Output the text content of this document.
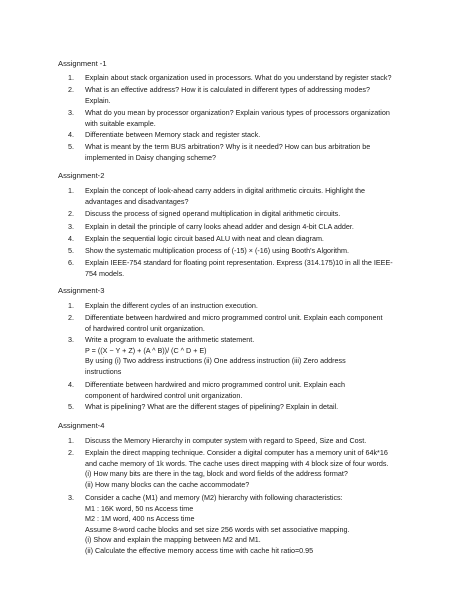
Assignment -1
1.	Explain about stack organization used in processors. What do you understand by register stack?
2.	What is an effective address? How it is calculated in different types of addressing modes?
Explain.
3.	What do you mean by processor organization? Explain various types of processors organization
with suitable example.
4.	Differentiate between Memory stack and register stack.
5.	What is meant by the term BUS arbitration? Why is it needed? How can bus arbitration be
implemented in Daisy changing scheme?
Assignment-2
1.	Explain the concept of look-ahead carry adders in digital arithmetic circuits. Highlight the
advantages and disadvantages?
2.	Discuss the process of signed operand multiplication in digital arithmetic circuits.
3.	Explain in detail the principle of carry looks ahead adder and design 4-bit CLA adder.
4.	Explain the sequential logic circuit based ALU with neat and clean diagram.
5.	Show the systematic multiplication process of (-15) × (-16) using Booth's Algorithm.
6.	Explain IEEE-754 standard for floating point representation. Express (314.175)10 in all the IEEE-
754 models.
Assignment-3
1.	Explain the different cycles of an instruction execution.
2.	Differentiate between hardwired and micro programmed control unit. Explain each component
of hardwired control unit organization.
3.	Write a program to evaluate the arithmetic statement.
P = ((X − Y + Z) + (A ^ B))/ (C ^ D + E)
By using (i) Two address instructions (ii) One address instruction (iii) Zero address
instructions
4.	Differentiate between hardwired and micro programmed control unit. Explain each
component of hardwired control unit organization.
5.	What is pipelining? What are the different stages of pipelining? Explain in detail.
Assignment-4
1.	Discuss the Memory Hierarchy in computer system with regard to Speed, Size and Cost.
2.	Explain the direct mapping technique. Consider a digital computer has a memory unit of 64k*16
and cache memory of 1k words. The cache uses direct mapping with 4 block size of four words.
(i) How many bits are there in the tag, block and word fields of the address format?
(ii) How many blocks can the cache accommodate?
3.	Consider a cache (M1) and memory (M2) hierarchy with following characteristics:
M1 : 16K word, 50 ns Access time
M2 : 1M word, 400 ns Access time
Assume 8-word cache blocks and set size 256 words with set associative mapping.
(i) Show and explain the mapping between M2 and M1.
(ii) Calculate the effective memory access time with cache hit ratio=0.95
